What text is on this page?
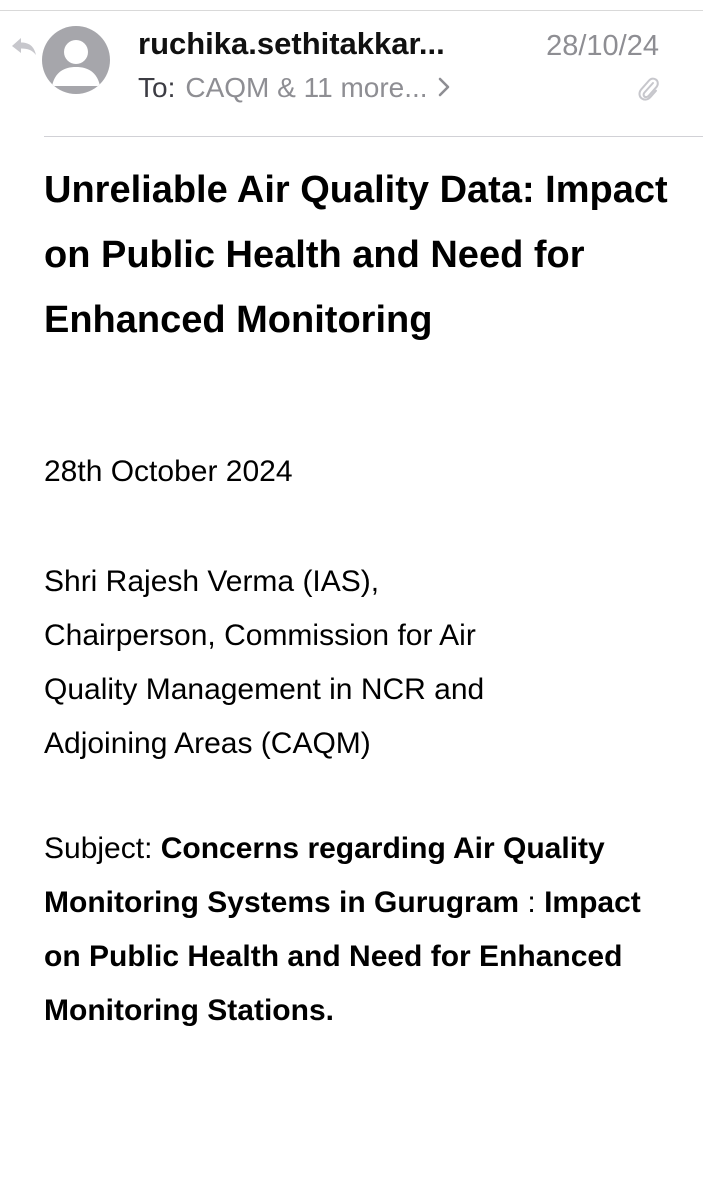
ruchika.sethitakkar...	28/10/24
To: CAQM & 11 more...
Unreliable Air Quality Data: Impact on Public Health and Need for Enhanced Monitoring
28th October 2024
Shri Rajesh Verma (IAS),
Chairperson, Commission for Air
Quality Management in NCR and
Adjoining Areas (CAQM)
Subject: Concerns regarding Air Quality Monitoring Systems in Gurugram : Impact on Public Health and Need for Enhanced Monitoring Stations.
